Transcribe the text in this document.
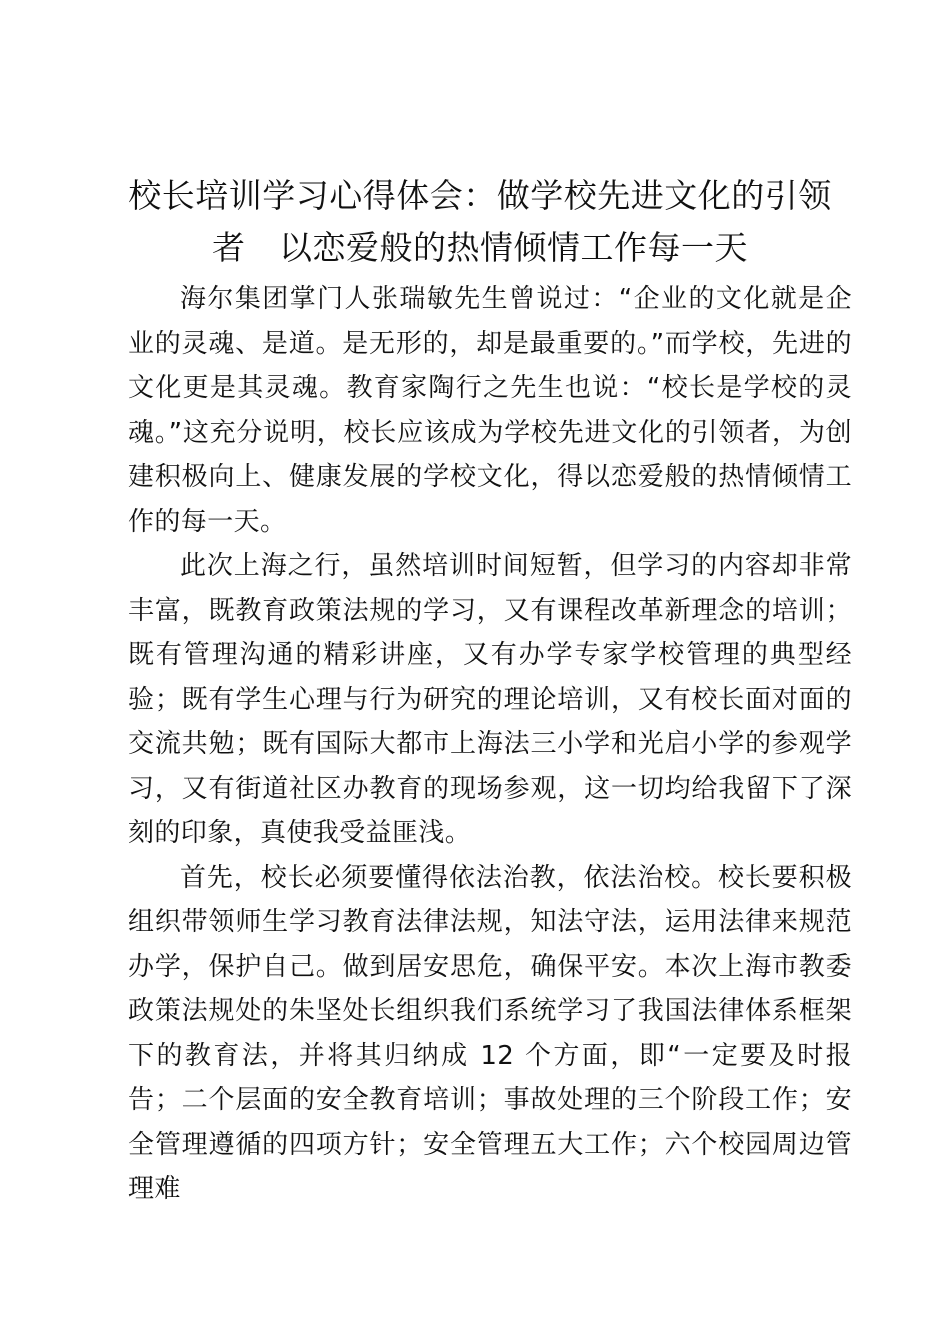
校长培训学习心得体会：做学校先进文化的引领者　以恋爱般的热情倾情工作每一天

海尔集团掌门人张瑞敏先生曾说过：“企业的文化就是企业的灵魂、是道。是无形的，却是最重要的。”而学校，先进的文化更是其灵魂。教育家陶行之先生也说：“校长是学校的灵魂。”这充分说明，校长应该成为学校先进文化的引领者，为创建积极向上、健康发展的学校文化，得以恋爱般的热情倾情工作的每一天。

此次上海之行，虽然培训时间短暂，但学习的内容却非常丰富，既教育政策法规的学习，又有课程改革新理念的培训；既有管理沟通的精彩讲座，又有办学专家学校管理的典型经验；既有学生心理与行为研究的理论培训，又有校长面对面的交流共勉；既有国际大都市上海法三小学和光启小学的参观学习，又有街道社区办教育的现场参观，这一切均给我留下了深刻的印象，真使我受益匪浅。

首先，校长必须要懂得依法治教，依法治校。校长要积极组织带领师生学习教育法律法规，知法守法，运用法律来规范办学，保护自己。做到居安思危，确保平安。本次上海市教委政策法规处的朱坚处长组织我们系统学习了我国法律体系框架下的教育法，并将其归纳成 12 个方面，即“一定要及时报告；二个层面的安全教育培训；事故处理的三个阶段工作；安全管理遵循的四项方针；安全管理五大工作；六个校园周边管理难
